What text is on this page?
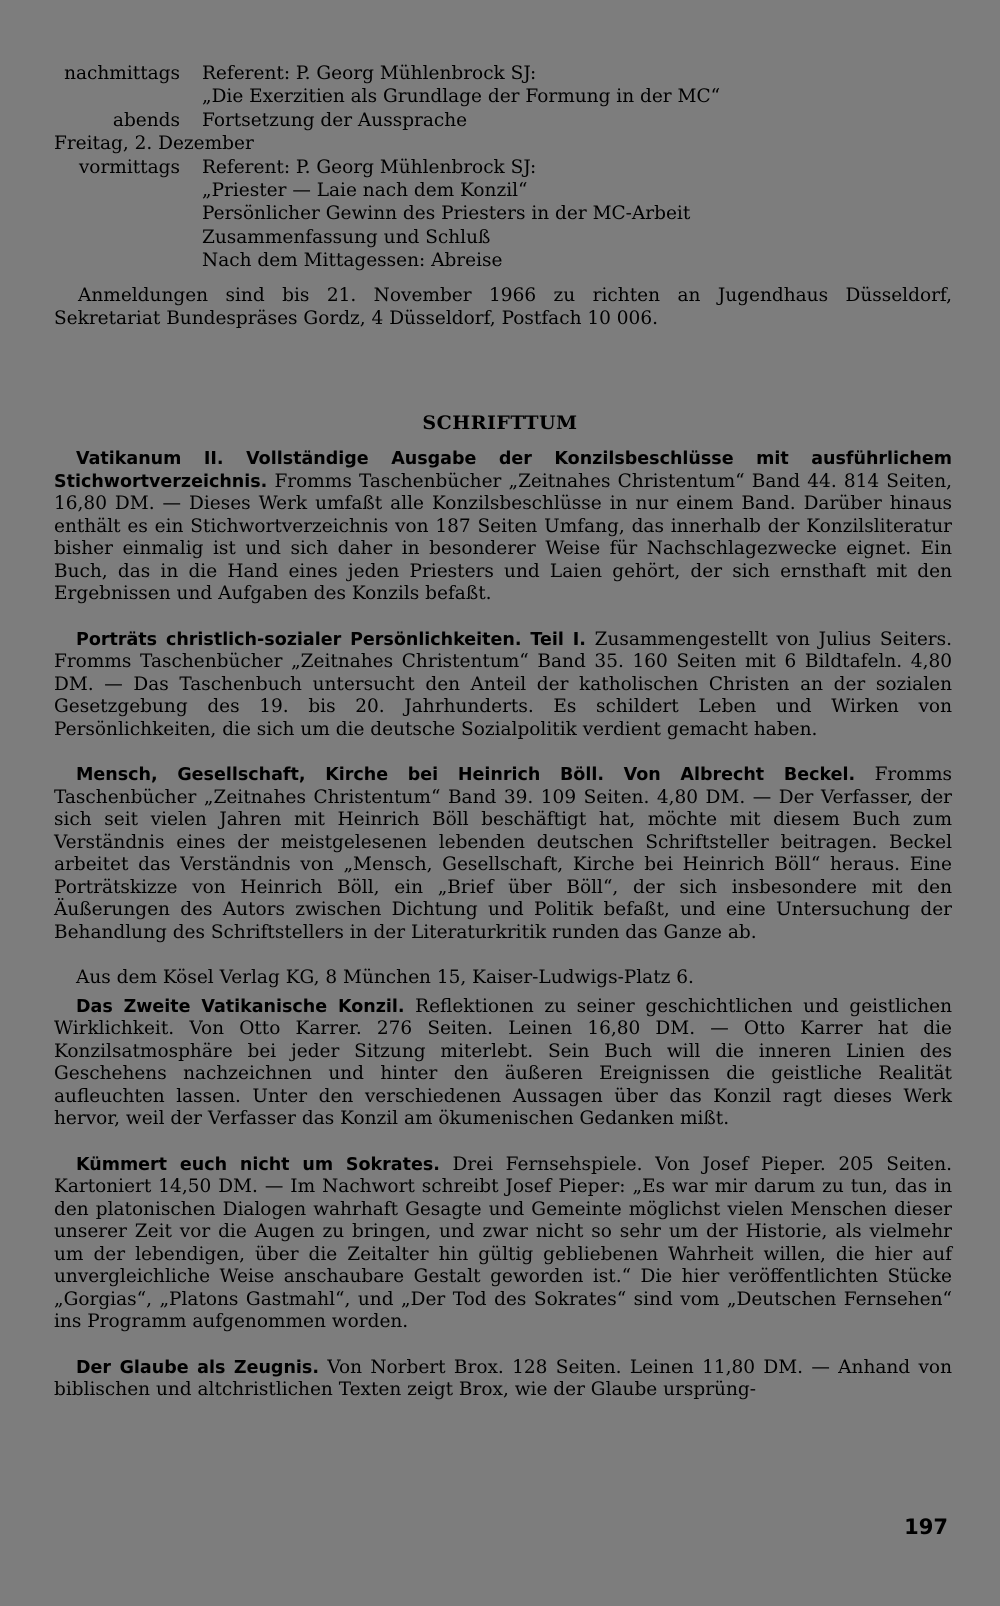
nachmittags	Referent: P. Georg Mühlenbrock SJ:
„Die Exerzitien als Grundlage der Formung in der MC“
abends	Fortsetzung der Aussprache
Freitag, 2. Dezember
vormittags	Referent: P. Georg Mühlenbrock SJ:
„Priester — Laie nach dem Konzil“
Persönlicher Gewinn des Priesters in der MC-Arbeit
Zusammenfassung und Schluß
Nach dem Mittagessen: Abreise

Anmeldungen sind bis 21. November 1966 zu richten an Jugendhaus Düsseldorf,

Sekretariat Bundespräses Gordz, 4 Düsseldorf, Postfach 10 006.

SCHRIFTTUM

Vatikanum II. Vollständige Ausgabe der Konzilsbeschlüsse mit ausführlichem Stichwortverzeichnis. Fromms Taschenbücher „Zeitnahes Christentum“ Band 44. 814 Seiten, 16,80 DM. — Dieses Werk umfaßt alle Konzilsbeschlüsse in nur einem Band. Darüber hinaus enthält es ein Stichwortverzeichnis von 187 Seiten Umfang, das innerhalb der Konzilsliteratur bisher einmalig ist und sich daher in besonderer Weise für Nachschlagezwecke eignet. Ein Buch, das in die Hand eines jeden Priesters und Laien gehört, der sich ernsthaft mit den Ergebnissen und Aufgaben des Konzils befaßt.

Porträts christlich-sozialer Persönlichkeiten. Teil I. Zusammengestellt von Julius Seiters. Fromms Taschenbücher „Zeitnahes Christentum“ Band 35. 160 Seiten mit 6 Bildtafeln. 4,80 DM. — Das Taschenbuch untersucht den Anteil der katholischen Christen an der sozialen Gesetzgebung des 19. bis 20. Jahrhunderts. Es schildert Leben und Wirken von Persönlichkeiten, die sich um die deutsche Sozialpolitik verdient gemacht haben.

Mensch, Gesellschaft, Kirche bei Heinrich Böll. Von Albrecht Beckel. Fromms Taschenbücher „Zeitnahes Christentum“ Band 39. 109 Seiten. 4,80 DM. — Der Verfasser, der sich seit vielen Jahren mit Heinrich Böll beschäftigt hat, möchte mit diesem Buch zum Verständnis eines der meistgelesenen lebenden deutschen Schriftsteller beitragen. Beckel arbeitet das Verständnis von „Mensch, Gesellschaft, Kirche bei Heinrich Böll“ heraus. Eine Porträtskizze von Heinrich Böll, ein „Brief über Böll“, der sich insbesondere mit den Äußerungen des Autors zwischen Dichtung und Politik befaßt, und eine Untersuchung der Behandlung des Schriftstellers in der Literaturkritik runden das Ganze ab.

Aus dem Kösel Verlag KG, 8 München 15, Kaiser-Ludwigs-Platz 6.

Das Zweite Vatikanische Konzil. Reflektionen zu seiner geschichtlichen und geistlichen Wirklichkeit. Von Otto Karrer. 276 Seiten. Leinen 16,80 DM. — Otto Karrer hat die Konzilsatmosphäre bei jeder Sitzung miterlebt. Sein Buch will die inneren Linien des Geschehens nachzeichnen und hinter den äußeren Ereignissen die geistliche Realität aufleuchten lassen. Unter den verschiedenen Aussagen über das Konzil ragt dieses Werk hervor, weil der Verfasser das Konzil am ökumenischen Gedanken mißt.

Kümmert euch nicht um Sokrates. Drei Fernsehspiele. Von Josef Pieper. 205 Seiten. Kartoniert 14,50 DM. — Im Nachwort schreibt Josef Pieper: „Es war mir darum zu tun, das in den platonischen Dialogen wahrhaft Gesagte und Gemeinte möglichst vielen Menschen dieser unserer Zeit vor die Augen zu bringen, und zwar nicht so sehr um der Historie, als vielmehr um der lebendigen, über die Zeitalter hin gültig gebliebenen Wahrheit willen, die hier auf unvergleichliche Weise anschaubare Gestalt geworden ist.“ Die hier veröffentlichten Stücke „Gorgias“, „Platons Gastmahl“, und „Der Tod des Sokrates“ sind vom „Deutschen Fernsehen“ ins Programm aufgenommen worden.

Der Glaube als Zeugnis. Von Norbert Brox. 128 Seiten. Leinen 11,80 DM. — Anhand von biblischen und altchristlichen Texten zeigt Brox, wie der Glaube ursprüng-

197
